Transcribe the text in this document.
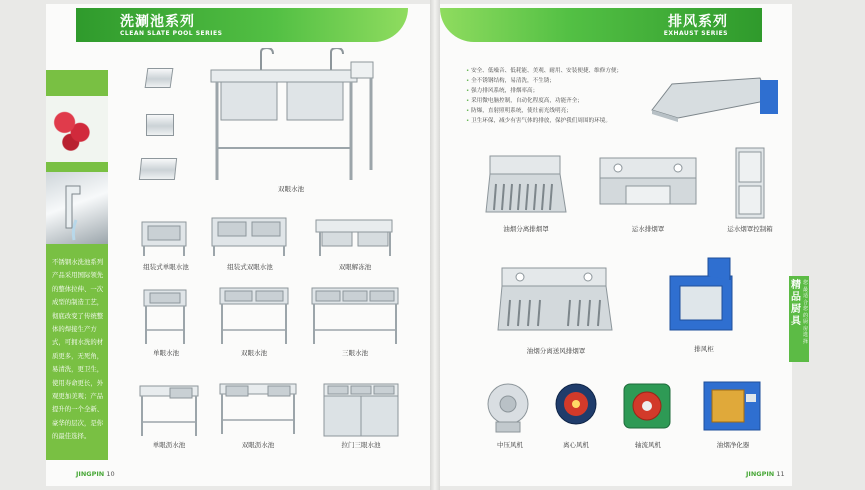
洗涮池系列
CLEAN SLATE POOL SERIES
不锈钢水洗池系列产品采用国际领先的整体拉伸、一次成型的制造工艺，彻底改变了传统整体的焊接生产方式，可拥水洗的材质更多，无死角，易清洗，更卫生，使用寿命更长，外观更加美观；产品提升的一个全新、豪华的层次，是你的最佳选择。
双眼水池
组装式单眼水池	组装式双眼水池	双眼解冻池
单眼水池	双眼水池	三眼水池
单眼沥水池	双眼沥水池	拉门三眼水池
JINGPIN 10
排风系列
EXHAUST SERIES
• 安全、低噪音、低耗能、美观、耐用、安装便捷、维修方便；
• 全不锈钢结构，易清洗，不生锈；
• 强力排风系统，排烟率高；
• 采用微电脑控制，自动化程度高，功能齐全；
• 防爆，直射照明系统，使灶前光线明亮；
• 卫生环保，减少有害气体的排放，保护我们周围的环境。
油烟分离排烟罩	运水排烟罩	运水烟罩控制箱
油烟分离送风排烟罩	排风柜
中压风机	离心风机	轴流风机	油烟净化器
JINGPIN 11
精品厨具
您最适合您的厨房选择
